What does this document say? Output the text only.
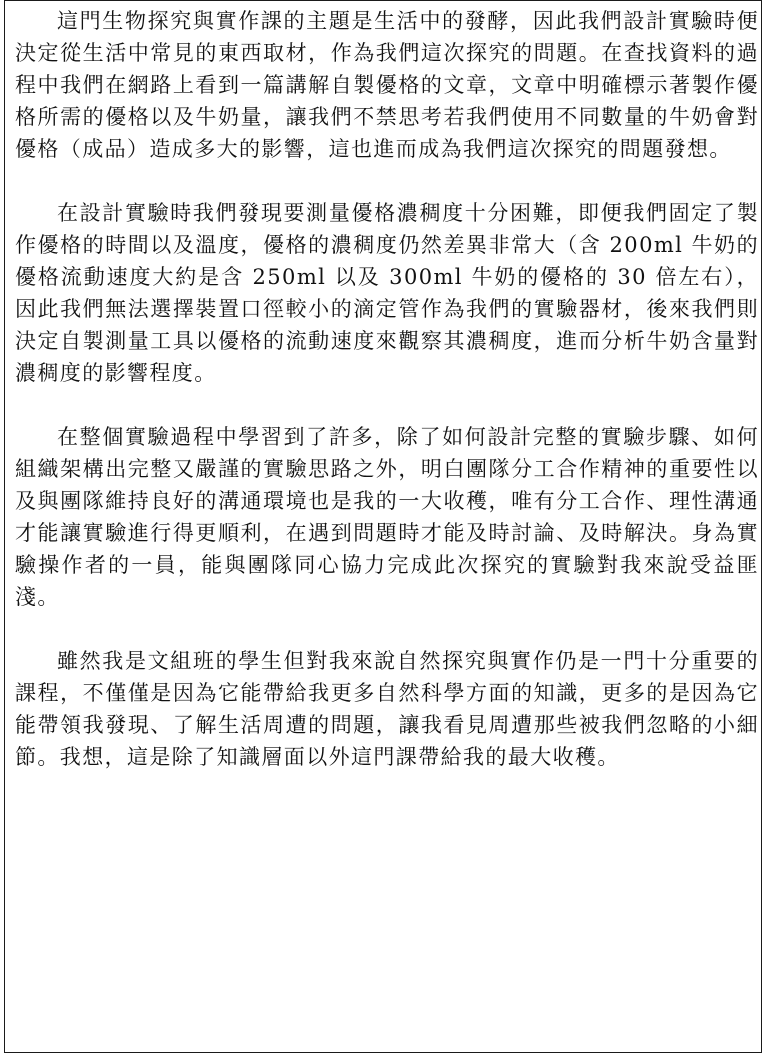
這門生物探究與實作課的主題是生活中的發酵，因此我們設計實驗時便決定從生活中常見的東西取材，作為我們這次探究的問題。在查找資料的過程中我們在網路上看到一篇講解自製優格的文章，文章中明確標示著製作優格所需的優格以及牛奶量，讓我們不禁思考若我們使用不同數量的牛奶會對優格（成品）造成多大的影響，這也進而成為我們這次探究的問題發想。

在設計實驗時我們發現要測量優格濃稠度十分困難，即便我們固定了製作優格的時間以及溫度，優格的濃稠度仍然差異非常大（含 200ml 牛奶的優格流動速度大約是含 250ml 以及 300ml 牛奶的優格的 30 倍左右），因此我們無法選擇裝置口徑較小的滴定管作為我們的實驗器材，後來我們則決定自製測量工具以優格的流動速度來觀察其濃稠度，進而分析牛奶含量對濃稠度的影響程度。

在整個實驗過程中學習到了許多，除了如何設計完整的實驗步驟、如何組織架構出完整又嚴謹的實驗思路之外，明白團隊分工合作精神的重要性以及與團隊維持良好的溝通環境也是我的一大收穫，唯有分工合作、理性溝通才能讓實驗進行得更順利，在遇到問題時才能及時討論、及時解決。身為實驗操作者的一員，能與團隊同心協力完成此次探究的實驗對我來說受益匪淺。

雖然我是文組班的學生但對我來說自然探究與實作仍是一門十分重要的課程，不僅僅是因為它能帶給我更多自然科學方面的知識，更多的是因為它能帶領我發現、了解生活周遭的問題，讓我看見周遭那些被我們忽略的小細節。我想，這是除了知識層面以外這門課帶給我的最大收穫。
